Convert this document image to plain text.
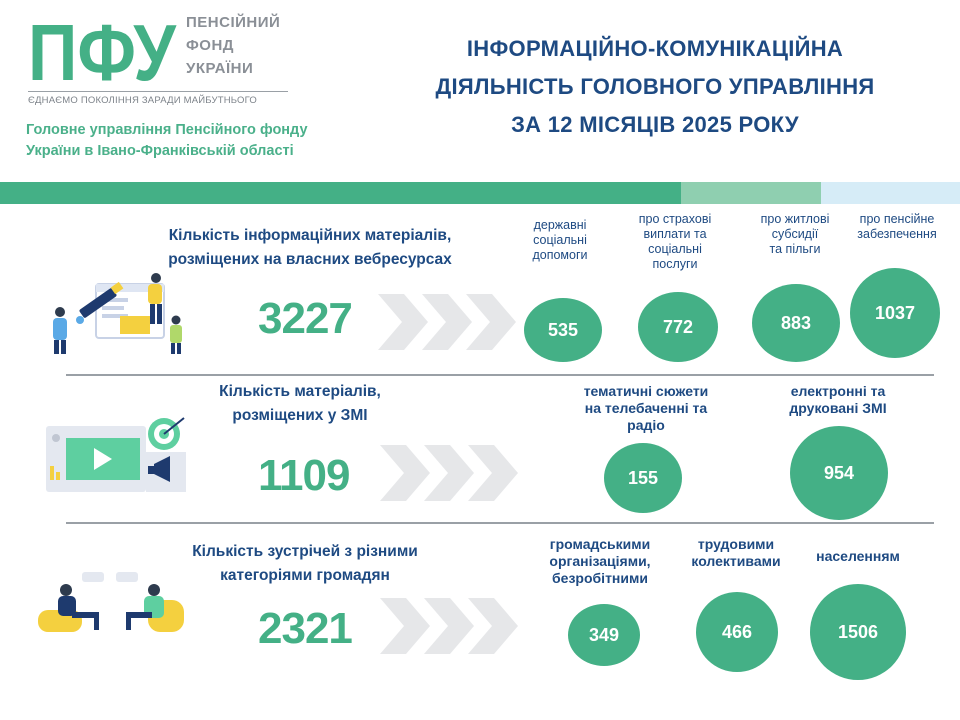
ПФУ ПЕНСІЙНИЙ
ФОНД
УКРАЇНИ
ЄДНАЄМО ПОКОЛІННЯ ЗАРАДИ МАЙБУТНЬОГО
Головне управління Пенсійного фонду
України в Івано-Франківській області
ІНФОРМАЦІЙНО-КОМУНІКАЦІЙНА
ДІЯЛЬНІСТЬ ГОЛОВНОГО УПРАВЛІННЯ
ЗА 12 МІСЯЦІВ 2025 РОКУ
Кількість інформаційних матеріалів,
розміщених на власних вебресурсах
3227
державні
соціальні
допомоги
535
про страхові
виплати та
соціальні
послуги
772
про житлові
субсидії
та пільги
883
про пенсійне
забезпечення
1037
Кількість матеріалів,
розміщених у ЗМІ
1109
тематичні сюжети
на телебаченні та
радіо
155
електронні та
друковані ЗМІ
954
Кількість зустрічей з різними
категоріями громадян
2321
громадськими
організаціями,
безробітними
349
трудовими
колективами
466
населенням
1506
